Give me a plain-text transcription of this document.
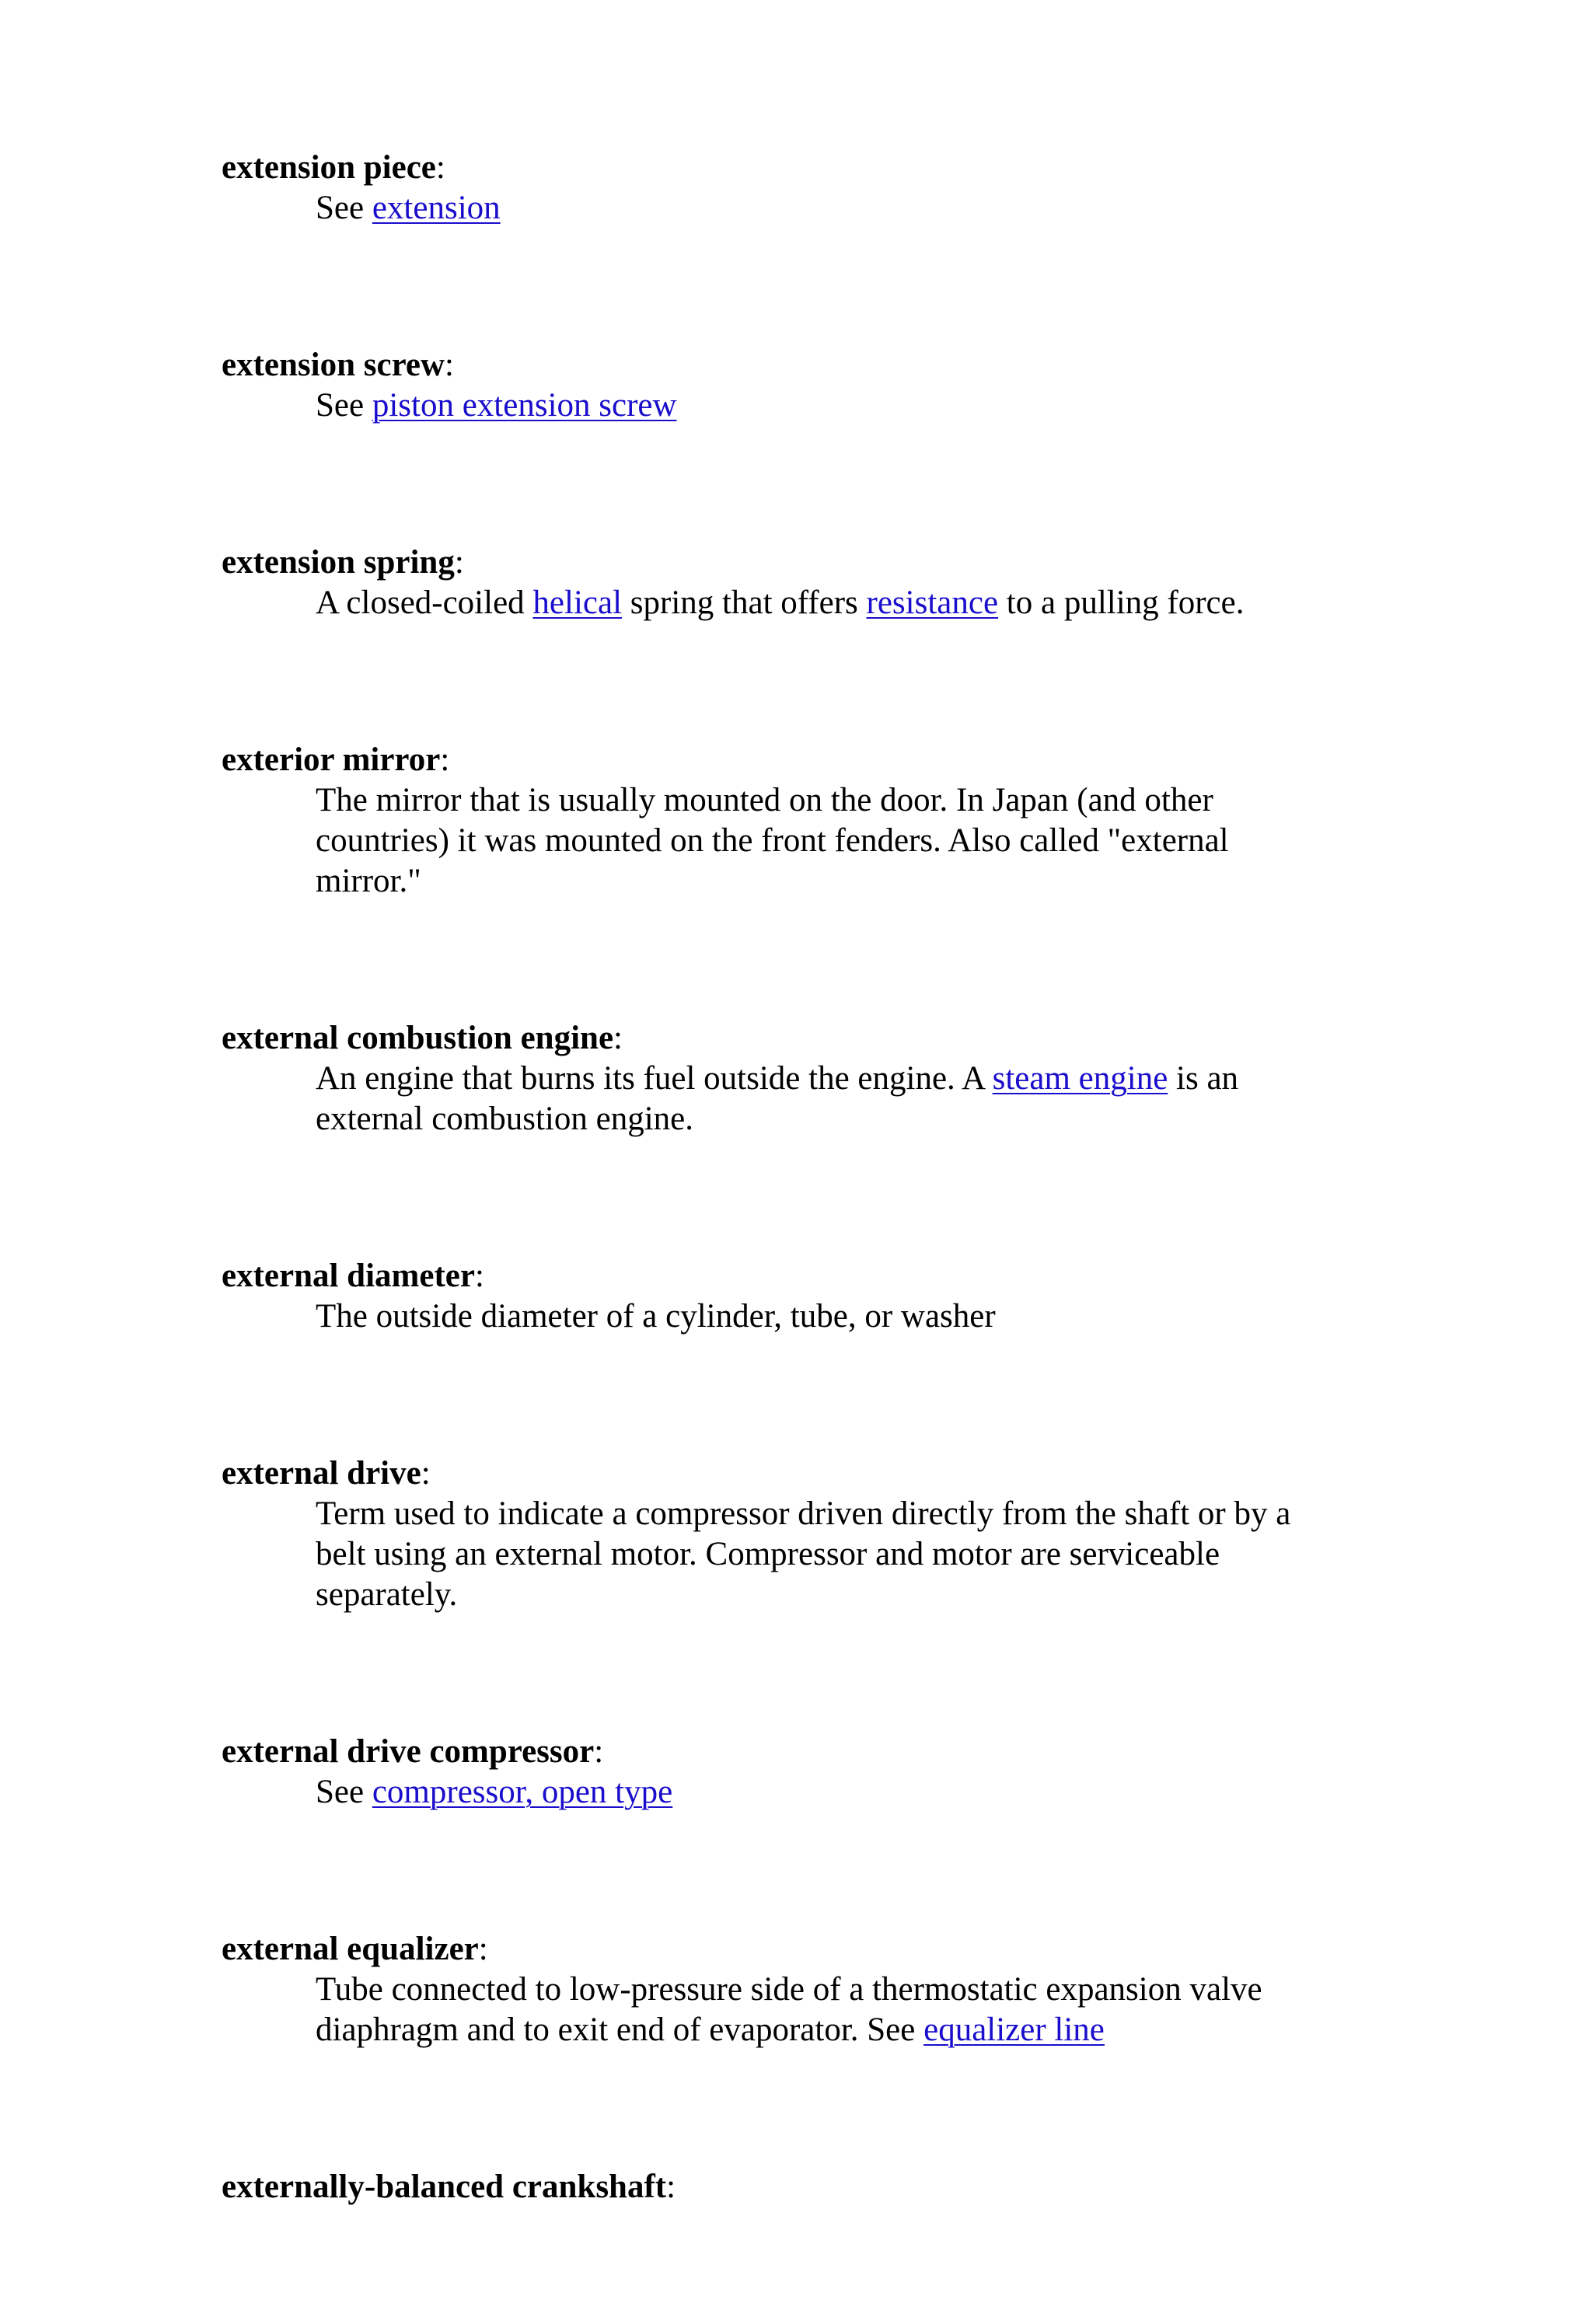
extension piece:
See extension
extension screw:
See piston extension screw
extension spring:
A closed-coiled helical spring that offers resistance to a pulling force.
exterior mirror:
The mirror that is usually mounted on the door. In Japan (and other countries) it was mounted on the front fenders. Also called "external mirror."
external combustion engine:
An engine that burns its fuel outside the engine. A steam engine is an external combustion engine.
external diameter:
The outside diameter of a cylinder, tube, or washer
external drive:
Term used to indicate a compressor driven directly from the shaft or by a belt using an external motor. Compressor and motor are serviceable separately.
external drive compressor:
See compressor, open type
external equalizer:
Tube connected to low-pressure side of a thermostatic expansion valve diaphragm and to exit end of evaporator. See equalizer line
externally-balanced crankshaft:
